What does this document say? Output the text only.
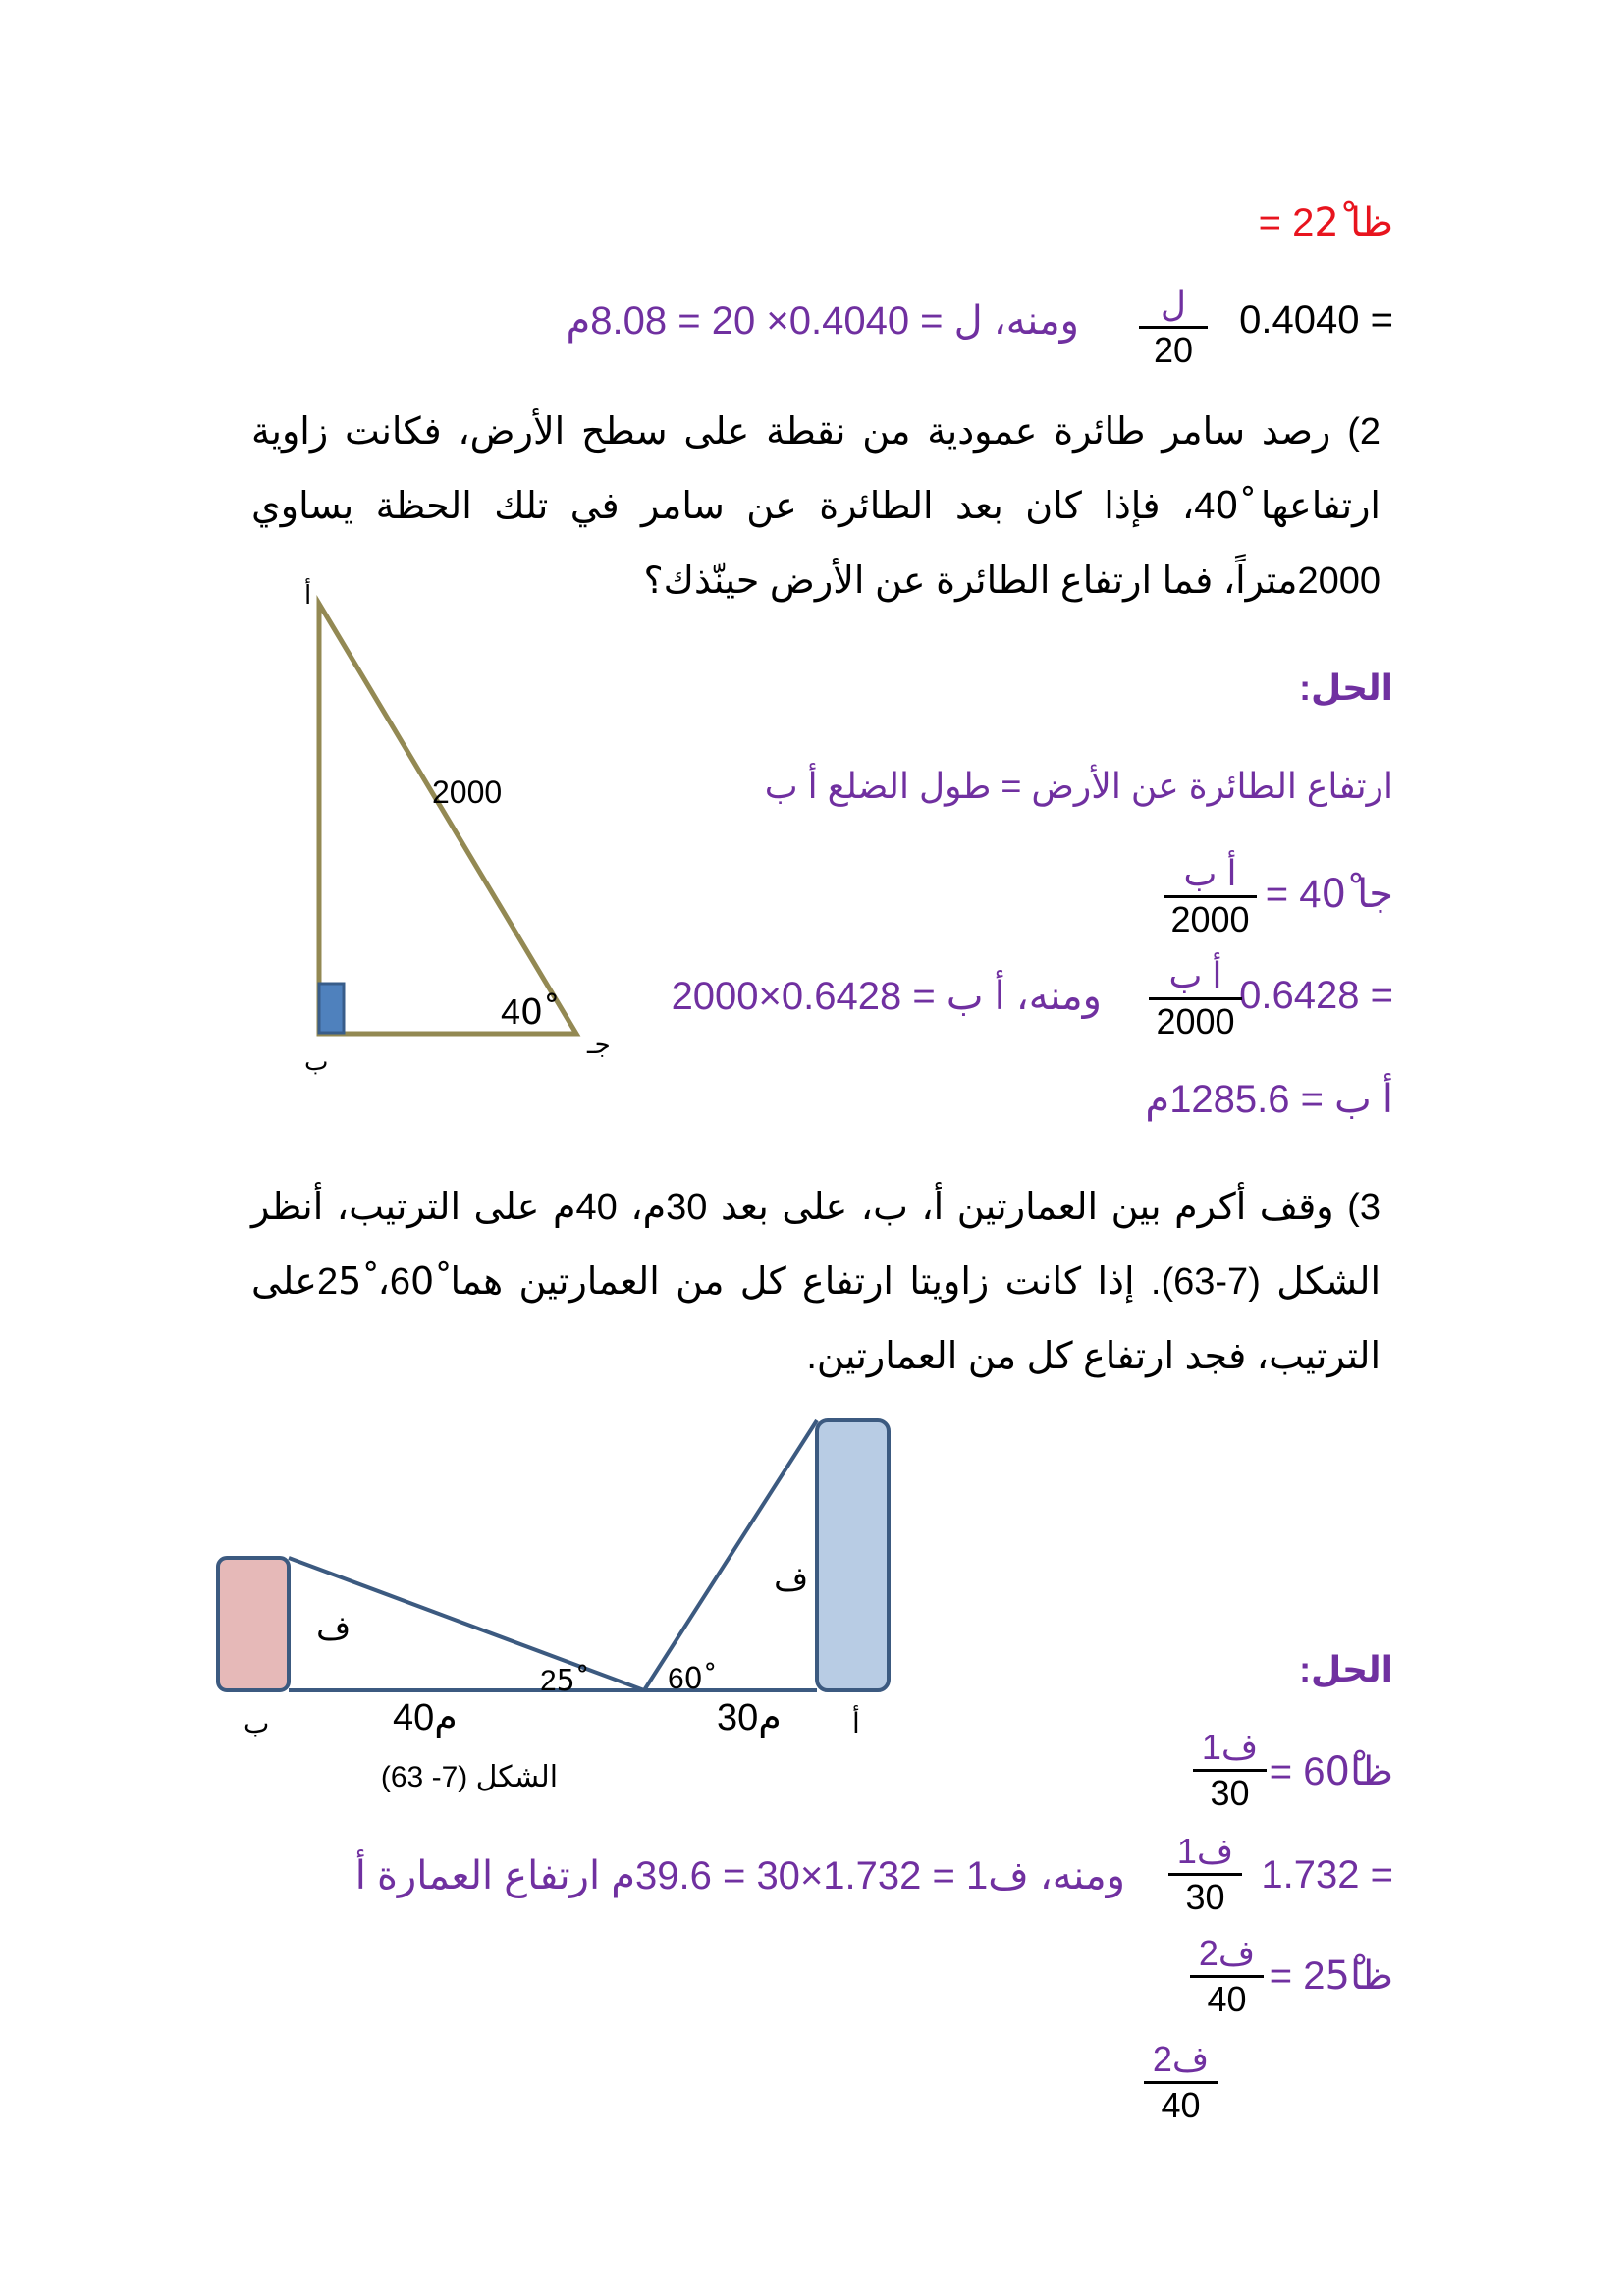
ظا 22ْ =
0.4040 =
ل
20
ومنه، ل = 0.4040× 20 = 8.08م
2) رصد سامر طائرة عمودية من نقطة على سطح الأرض، فكانت زاوية ارتفاعها 40ْ، فإذا كان بعد الطائرة عن سامر في تلك الحظة يساوي 2000متراً، فما ارتفاع الطائرة عن الأرض حينّذك؟
أ
ب
جـ
2000
40ْ
الحل:
ارتفاع الطائرة عن الأرض = طول الضلع أ ب
جا 40ْ =
أ ب
2000
0.6428 =
أ ب
2000
ومنه، أ ب = 0.6428×2000
أ ب = 1285.6م
3) وقف أكرم بين العمارتين أ، ب، على بعد 30م، 40م على الترتيب، أنظر الشكل (7-63). إذا كانت زاويتا ارتفاع كل من العمارتين هما 60ْ، 25ْعلى الترتيب، فجد ارتفاع كل من العمارتين.
ف
ف
25ْ	60ْ
ب	أ
40م	30م
الشكل (7- 63)
الحل:
ظا60ْ =
ف1
30
1.732 =
ف1
30
ومنه، ف1 = 1.732×30 = 39.6م ارتفاع العمارة أ
ظا25ْ =
ف2
40
ف2
40
